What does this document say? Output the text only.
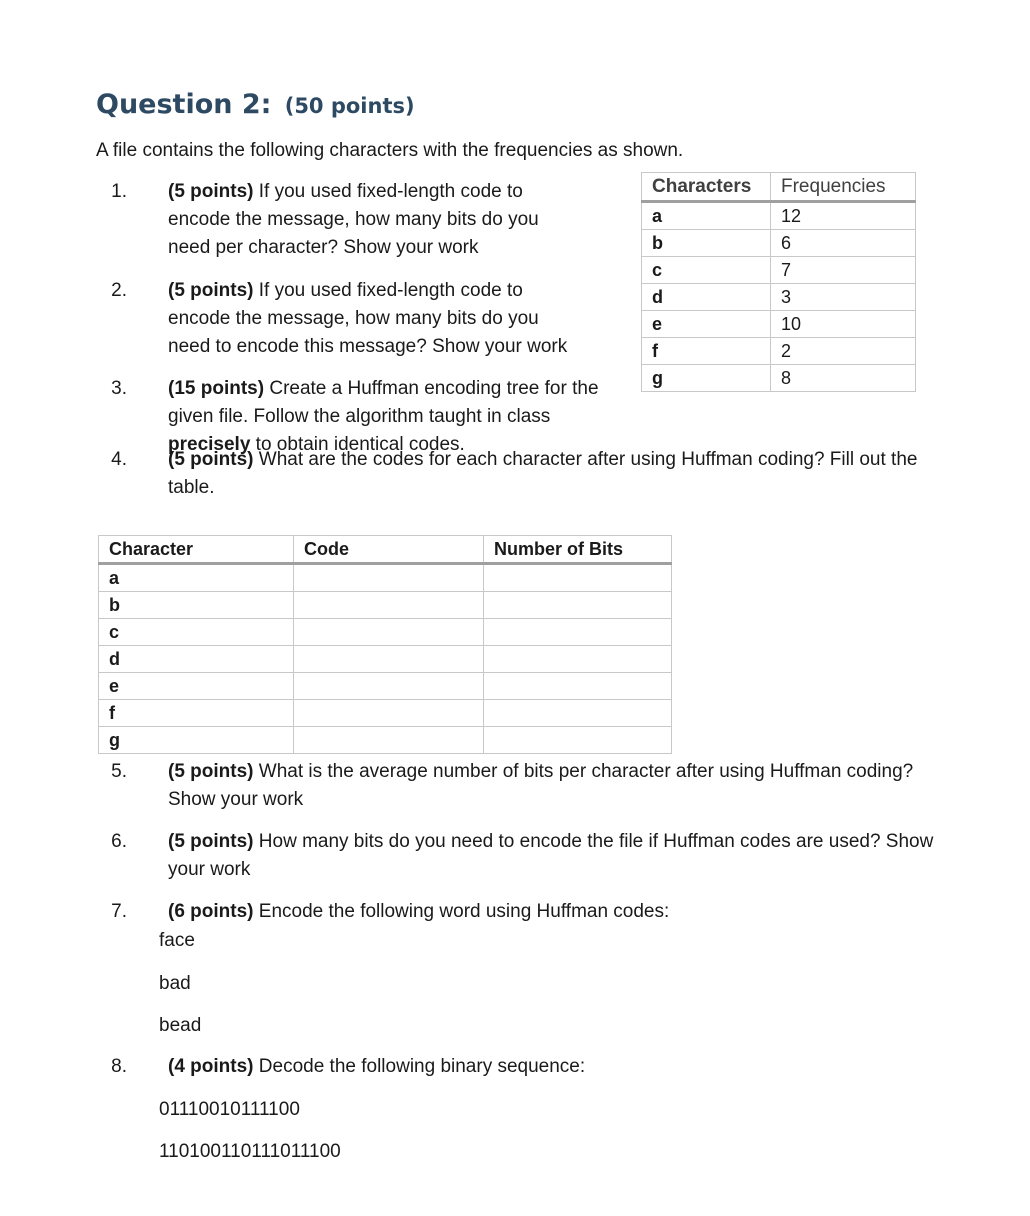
Question 2: (50 points)

A file contains the following characters with the frequencies as shown.

Characters	Frequencies
a	12
b	6
c	7
d	3
e	10
f	2
g	8
1. (5 points) If you used fixed-length code to encode the message, how many bits do you need per character? Show your work
2. (5 points) If you used fixed-length code to encode the message, how many bits do you need to encode this message? Show your work
3. (15 points) Create a Huffman encoding tree for the given file. Follow the algorithm taught in class precisely to obtain identical codes.
4. (5 points) What are the codes for each character after using Huffman coding? Fill out the table.
Character	Code	Number of Bits
a		
b		
c		
d		
e		
f		
g		
5. (5 points) What is the average number of bits per character after using Huffman coding? Show your work
6. (5 points) How many bits do you need to encode the file if Huffman codes are used? Show your work
7. (6 points) Encode the following word using Huffman codes:
face
bad
bead
8. (4 points) Decode the following binary sequence:
01110010111100
110100110111011100
